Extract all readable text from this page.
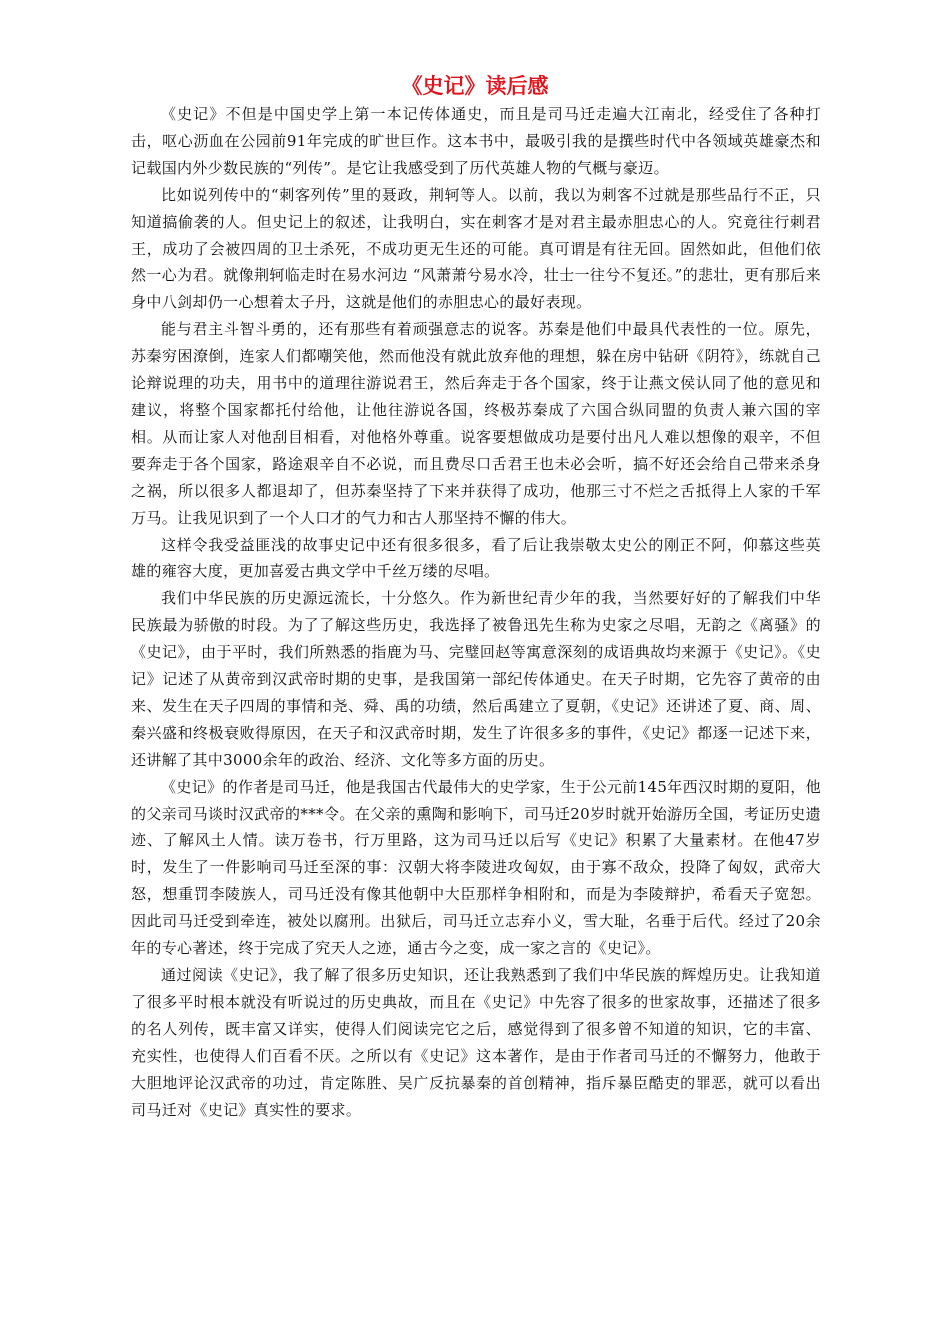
《史记》读后感

《史记》不但是中国史学上第一本记传体通史，而且是司马迁走遍大江南北，经受住了各种打击，呕心沥血在公园前91年完成的旷世巨作。这本书中，最吸引我的是撰些时代中各领域英雄豪杰和记载国内外少数民族的“列传”。是它让我感受到了历代英雄人物的气概与豪迈。

比如说列传中的“刺客列传”里的聂政，荆轲等人。以前，我以为刺客不过就是那些品行不正，只知道搞偷袭的人。但史记上的叙述，让我明白，实在刺客才是对君主最赤胆忠心的人。究竟往行刺君王，成功了会被四周的卫士杀死，不成功更无生还的可能。真可谓是有往无回。固然如此，但他们依然一心为君。就像荆轲临走时在易水河边 “风萧萧兮易水冷，壮士一往兮不复还。”的悲壮，更有那后来身中八剑却仍一心想着太子丹，这就是他们的赤胆忠心的最好表现。

能与君主斗智斗勇的，还有那些有着顽强意志的说客。苏秦是他们中最具代表性的一位。原先，苏秦穷困潦倒，连家人们都嘲笑他，然而他没有就此放弃他的理想，躲在房中钻研《阴符》，练就自己论辩说理的功夫，用书中的道理往游说君王，然后奔走于各个国家，终于让燕文侯认同了他的意见和建议，将整个国家都托付给他，让他往游说各国，终极苏秦成了六国合纵同盟的负责人兼六国的宰相。从而让家人对他刮目相看，对他格外尊重。说客要想做成功是要付出凡人难以想像的艰辛，不但要奔走于各个国家，路途艰辛自不必说，而且费尽口舌君王也未必会听，搞不好还会给自己带来杀身之祸，所以很多人都退却了，但苏秦坚持了下来并获得了成功，他那三寸不烂之舌抵得上人家的千军万马。让我见识到了一个人口才的气力和古人那坚持不懈的伟大。

这样令我受益匪浅的故事史记中还有很多很多，看了后让我崇敬太史公的刚正不阿，仰慕这些英雄的雍容大度，更加喜爱古典文学中千丝万缕的尽唱。

我们中华民族的历史源远流长，十分悠久。作为新世纪青少年的我，当然要好好的了解我们中华民族最为骄傲的时段。为了了解这些历史，我选择了被鲁迅先生称为史家之尽唱，无韵之《离骚》的《史记》，由于平时，我们所熟悉的指鹿为马、完璧回赵等寓意深刻的成语典故均来源于《史记》。《史记》记述了从黄帝到汉武帝时期的史事，是我国第一部纪传体通史。在天子时期，它先容了黄帝的由来、发生在天子四周的事情和尧、舜、禹的功绩，然后禹建立了夏朝，《史记》还讲述了夏、商、周、秦兴盛和终极衰败得原因，在天子和汉武帝时期，发生了许很多多的事件，《史记》都逐一记述下来，还讲解了其中3000余年的政治、经济、文化等多方面的历史。

《史记》的作者是司马迁，他是我国古代最伟大的史学家，生于公元前145年西汉时期的夏阳，他的父亲司马谈时汉武帝的***令。在父亲的熏陶和影响下，司马迁20岁时就开始游历全国，考证历史遗迹、了解风土人情。读万卷书，行万里路，这为司马迁以后写《史记》积累了大量素材。在他47岁时，发生了一件影响司马迁至深的事：汉朝大将李陵进攻匈奴，由于寡不敌众，投降了匈奴，武帝大怒，想重罚李陵族人，司马迁没有像其他朝中大臣那样争相附和，而是为李陵辩护，希看天子宽恕。因此司马迁受到牵连，被处以腐刑。出狱后，司马迁立志弃小义，雪大耻，名垂于后代。经过了20余年的专心著述，终于完成了究天人之迹，通古今之变，成一家之言的《史记》。

通过阅读《史记》，我了解了很多历史知识，还让我熟悉到了我们中华民族的辉煌历史。让我知道了很多平时根本就没有听说过的历史典故，而且在《史记》中先容了很多的世家故事，还描述了很多的名人列传，既丰富又详实，使得人们阅读完它之后，感觉得到了很多曾不知道的知识，它的丰富、充实性，也使得人们百看不厌。之所以有《史记》这本著作，是由于作者司马迁的不懈努力，他敢于大胆地评论汉武帝的功过，肯定陈胜、吴广反抗暴秦的首创精神，指斥暴臣酷吏的罪恶，就可以看出司马迁对《史记》真实性的要求。
